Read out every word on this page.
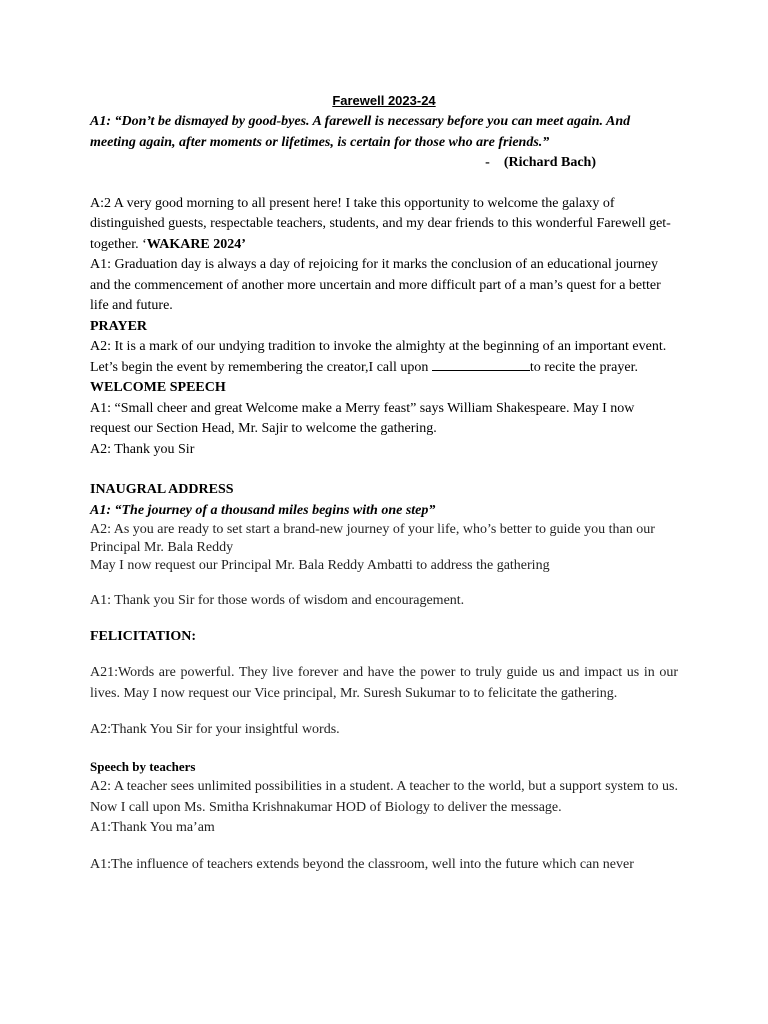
Farewell 2023-24

A1: “Don’t be dismayed by good-byes. A farewell is necessary before you can meet again. And meeting again, after moments or lifetimes, is certain for those who are friends.”

- (Richard Bach)

A:2 A very good morning to all present here! I take this opportunity to welcome the galaxy of distinguished guests, respectable teachers, students, and my dear friends to this wonderful Farewell get-together. ‘WAKARE 2024’

A1: Graduation day is always a day of rejoicing for it marks the conclusion of an educational journey and the commencement of another more uncertain and more difficult part of a man’s quest for a better life and future.

PRAYER

A2: It is a mark of our undying tradition to invoke the almighty at the beginning of an important event. Let’s begin the event by remembering the creator,I call upon	to recite the prayer.

WELCOME SPEECH

A1: “Small cheer and great Welcome make a Merry feast” says William Shakespeare. May I now request our Section Head, Mr. Sajir to welcome the gathering.

A2: Thank you Sir

INAUGRAL ADDRESS

A1: “The journey of a thousand miles begins with one step”

A2: As you are ready to set start a brand-new journey of your life, who’s better to guide you than our Principal Mr. Bala Reddy

May I now request our Principal Mr. Bala Reddy Ambatti to address the gathering

A1: Thank you Sir for those words of wisdom and encouragement.

FELICITATION:

A21:Words are powerful. They live forever and have the power to truly guide us and impact us in our lives. May I now request our Vice principal, Mr. Suresh Sukumar to to felicitate the gathering.

A2:Thank You Sir for your insightful words.

Speech by teachers

A2: A teacher sees unlimited possibilities in a student. A teacher to the world, but a support system to us. Now I call upon Ms. Smitha Krishnakumar HOD of Biology to deliver the message.

A1:Thank You ma’am

A1:The influence of teachers extends beyond the classroom, well into the future which can never
